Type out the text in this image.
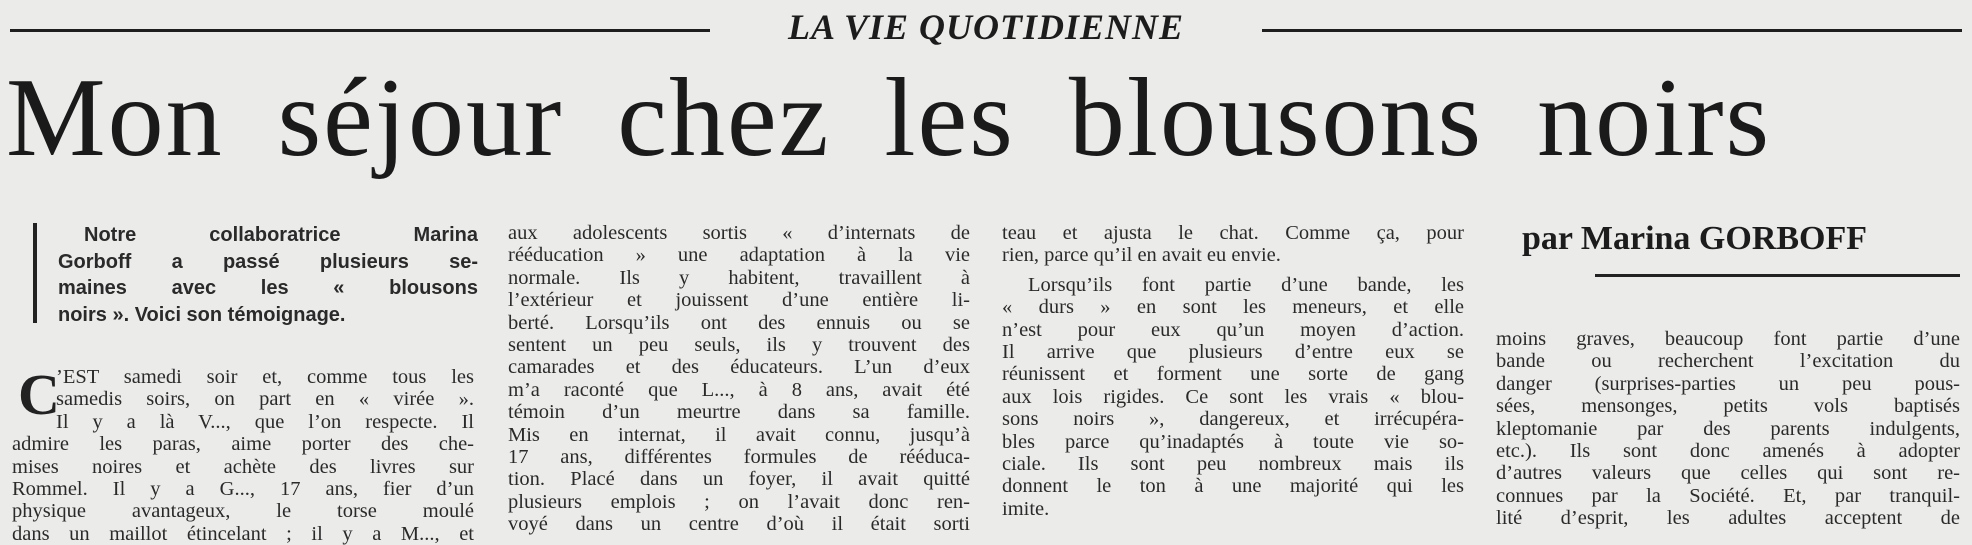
LA VIE QUOTIDIENNE
Mon séjour chez les blousons noirs
Notre collaboratrice Marina
Gorboff a passé plusieurs se-
maines avec les « blousons
noirs ». Voici son témoignage.
C
’EST samedi soir et, comme tous les
samedis soirs, on part en « virée ».
Il y a là V..., que l’on respecte. Il
admire les paras, aime porter des che-
mises noires et achète des livres sur
Rommel. Il y a G..., 17 ans, fier d’un
physique avantageux, le torse moulé
dans un maillot étincelant ; il y a M..., et
aux adolescents sortis « d’internats de
rééducation » une adaptation à la vie
normale. Ils y habitent, travaillent à
l’extérieur et jouissent d’une entière li-
berté. Lorsqu’ils ont des ennuis ou se
sentent un peu seuls, ils y trouvent des
camarades et des éducateurs. L’un d’eux
m’a raconté que L..., à 8 ans, avait été
témoin d’un meurtre dans sa famille.
Mis en internat, il avait connu, jusqu’à
17 ans, différentes formules de rééduca-
tion. Placé dans un foyer, il avait quitté
plusieurs emplois ; on l’avait donc ren-
voyé dans un centre d’où il était sorti
teau et ajusta le chat. Comme ça, pour
rien, parce qu’il en avait eu envie.
Lorsqu’ils font partie d’une bande, les
« durs » en sont les meneurs, et elle
n’est pour eux qu’un moyen d’action.
Il arrive que plusieurs d’entre eux se
réunissent et forment une sorte de gang
aux lois rigides. Ce sont les vrais « blou-
sons noirs », dangereux, et irrécupéra-
bles parce qu’inadaptés à toute vie so-
ciale. Ils sont peu nombreux mais ils
donnent le ton à une majorité qui les
imite.
par Marina GORBOFF
moins graves, beaucoup font partie d’une
bande ou recherchent l’excitation du
danger (surprises-parties un peu pous-
sées, mensonges, petits vols baptisés
kleptomanie par des parents indulgents,
etc.). Ils sont donc amenés à adopter
d’autres valeurs que celles qui sont re-
connues par la Société. Et, par tranquil-
lité d’esprit, les adultes acceptent de
